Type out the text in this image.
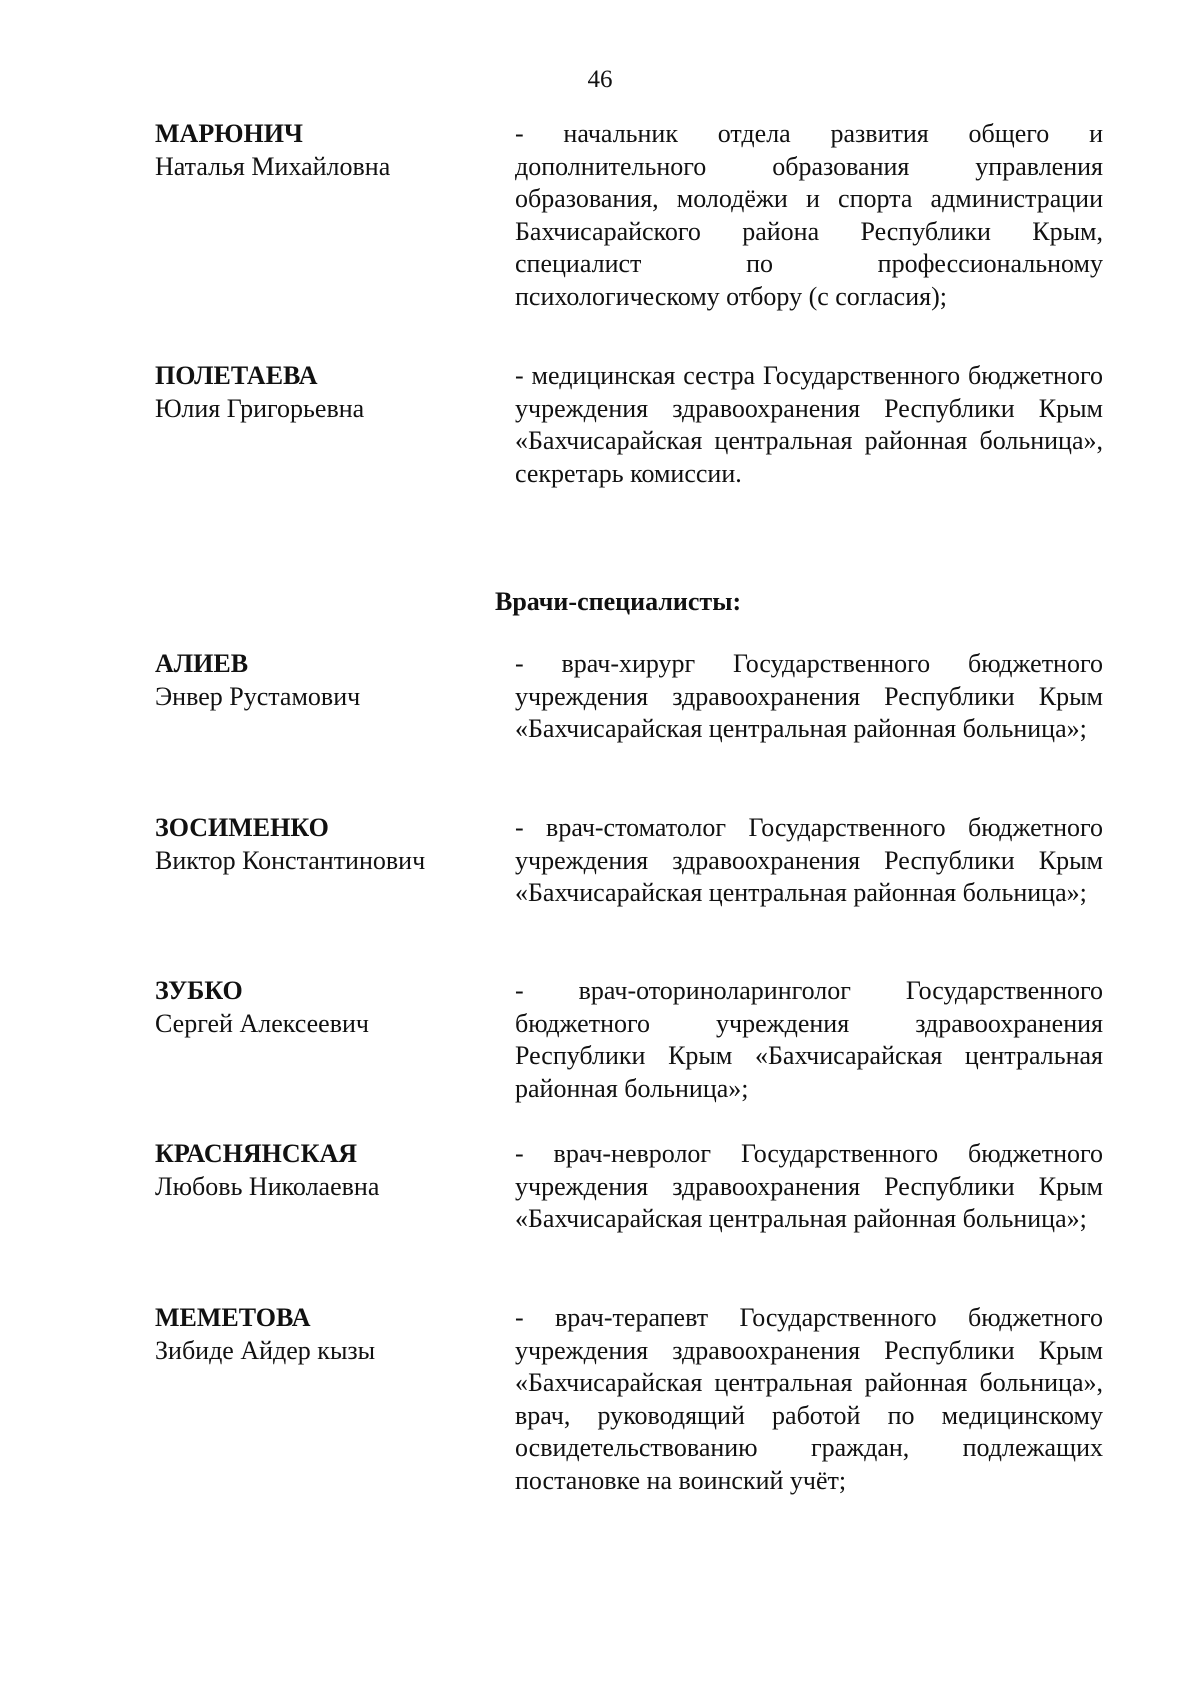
46
МАРЮНИЧ
Наталья Михайловна
- начальник отдела развития общего и дополнительного образования управления образования, молодёжи и спорта администрации Бахчисарайского района Республики Крым, специалист по профессиональному психологическому отбору (с согласия);
ПОЛЕТАЕВА
Юлия Григорьевна
- медицинская сестра Государственного бюджетного учреждения здравоохранения Республики Крым «Бахчисарайская центральная районная больница», секретарь комиссии.
Врачи-специалисты:
АЛИЕВ
Энвер Рустамович
- врач-хирург Государственного бюджетного учреждения здравоохранения Республики Крым «Бахчисарайская центральная районная больница»;
ЗОСИМЕНКО
Виктор Константинович
- врач-стоматолог Государственного бюджетного учреждения здравоохранения Республики Крым «Бахчисарайская центральная районная больница»;
ЗУБКО
Сергей Алексеевич
- врач-оториноларинголог Государственного бюджетного учреждения здравоохранения Республики Крым «Бахчисарайская центральная районная больница»;
КРАСНЯНСКАЯ
Любовь Николаевна
- врач-невролог Государственного бюджетного учреждения здравоохранения Республики Крым «Бахчисарайская центральная районная больница»;
МЕМЕТОВА
Зибиде Айдер кызы
- врач-терапевт Государственного бюджетного учреждения здравоохранения Республики Крым «Бахчисарайская центральная районная больница», врач, руководящий работой по медицинскому освидетельствованию граждан, подлежащих постановке на воинский учёт;
